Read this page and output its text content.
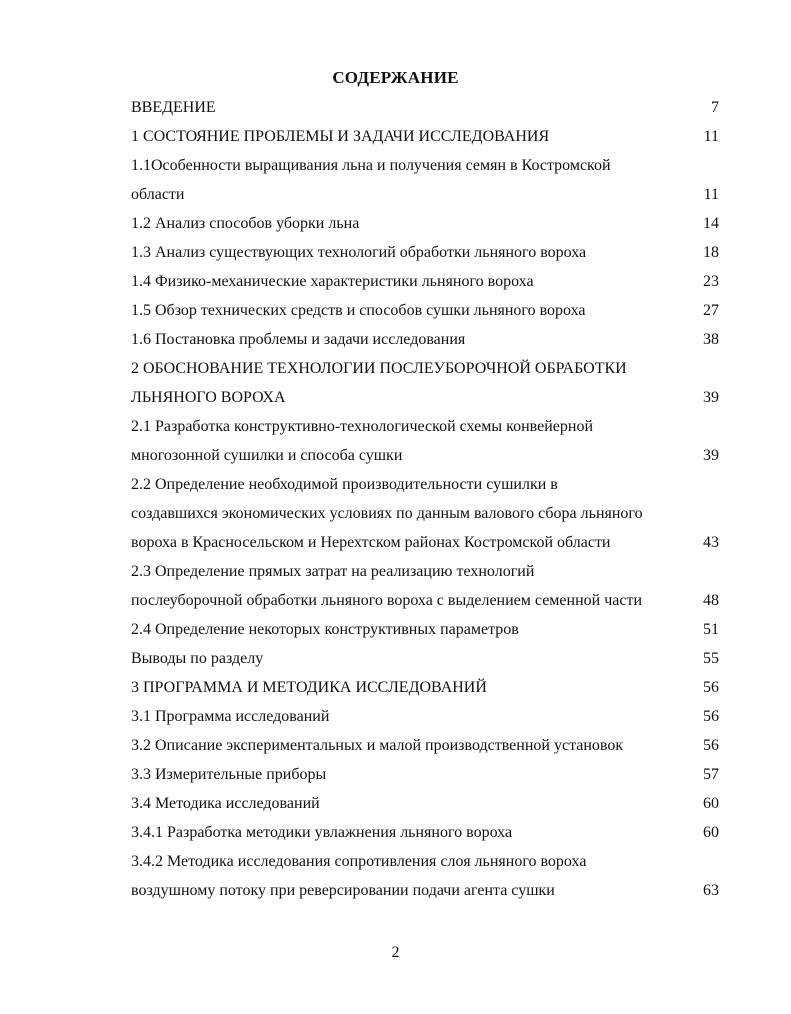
СОДЕРЖАНИЕ
ВВЕДЕНИЕ	7
1 СОСТОЯНИЕ ПРОБЛЕМЫ И ЗАДАЧИ ИССЛЕДОВАНИЯ	11
1.1Особенности выращивания льна и получения семян в Костромской
области	11
1.2 Анализ способов уборки льна	14
1.3 Анализ существующих технологий обработки льняного вороха	18
1.4 Физико-механические характеристики льняного вороха	23
1.5 Обзор технических средств и способов сушки льняного вороха	27
1.6 Постановка проблемы и задачи исследования	38
2 ОБОСНОВАНИЕ ТЕХНОЛОГИИ ПОСЛЕУБОРОЧНОЙ ОБРАБОТКИ
ЛЬНЯНОГО ВОРОХА	39
2.1 Разработка конструктивно-технологической схемы конвейерной
многозонной сушилки и способа сушки	39
2.2 Определение необходимой производительности сушилки в
создавшихся экономических условиях по данным валового сбора льняного
вороха в Красносельском и Нерехтском районах Костромской области	43
2.3 Определение прямых затрат на реализацию технологий
послеуборочной обработки льняного вороха с выделением семенной части	48
2.4 Определение некоторых конструктивных параметров	51
Выводы по разделу	55
3 ПРОГРАММА И МЕТОДИКА ИССЛЕДОВАНИЙ	56
3.1 Программа исследований	56
3.2 Описание экспериментальных и малой производственной установок	56
3.3 Измерительные приборы	57
3.4 Методика исследований	60
3.4.1 Разработка методики увлажнения льняного вороха	60
3.4.2 Методика исследования сопротивления слоя льняного вороха
воздушному потоку при реверсировании подачи агента сушки	63
2
